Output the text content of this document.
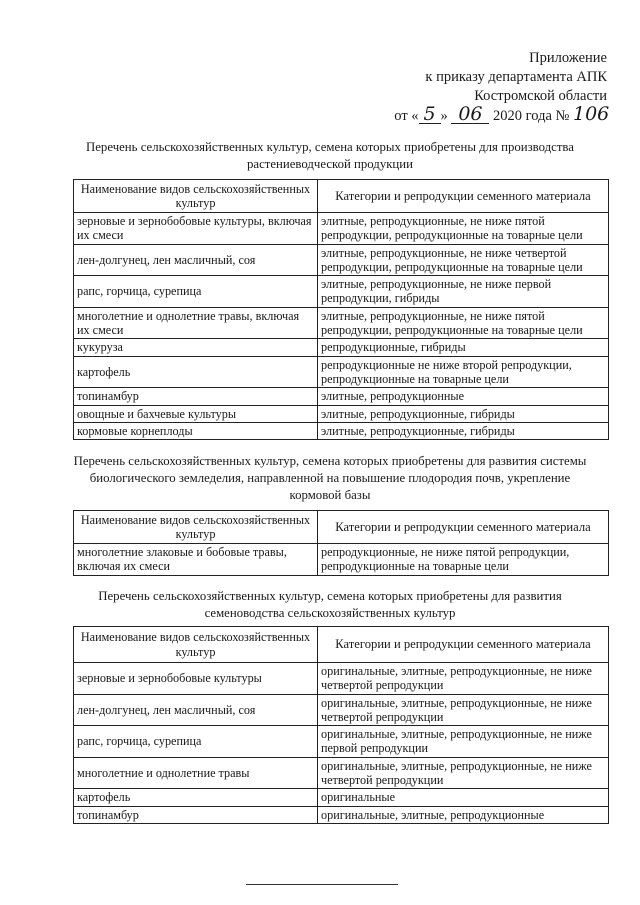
Приложение
к приказу департамента АПК
Костромской области
от « 5 » 06 2020 года № 106
Перечень сельскохозяйственных культур, семена которых приобретены для производства растениеводческой продукции
Наименование видов сельскохозяйственных культур	Категории и репродукции семенного материала
зерновые и зернобобовые культуры, включая их смеси	элитные, репродукционные, не ниже пятой репродукции, репродукционные на товарные цели
лен-долгунец, лен масличный, соя	элитные, репродукционные, не ниже четвертой репродукции, репродукционные на товарные цели
рапс, горчица, сурепица	элитные, репродукционные, не ниже первой репродукции, гибриды
многолетние и однолетние травы, включая их смеси	элитные, репродукционные, не ниже пятой репродукции, репродукционные на товарные цели
кукуруза	репродукционные, гибриды
картофель	репродукционные не ниже второй репродукции, репродукционные на товарные цели
топинамбур	элитные, репродукционные
овощные и бахчевые культуры	элитные, репродукционные, гибриды
кормовые корнеплоды	элитные, репродукционные, гибриды
Перечень сельскохозяйственных культур, семена которых приобретены для развития системы биологического земледелия, направленной на повышение плодородия почв, укрепление кормовой базы
Наименование видов сельскохозяйственных культур	Категории и репродукции семенного материала
многолетние злаковые и бобовые травы, включая их смеси	репродукционные, не ниже пятой репродукции, репродукционные на товарные цели
Перечень сельскохозяйственных культур, семена которых приобретены для развития семеноводства сельскохозяйственных культур
Наименование видов сельскохозяйственных культур	Категории и репродукции семенного материала
зерновые и зернобобовые культуры	оригинальные, элитные, репродукционные, не ниже четвертой репродукции
лен-долгунец, лен масличный, соя	оригинальные, элитные, репродукционные, не ниже четвертой репродукции
рапс, горчица, сурепица	оригинальные, элитные, репродукционные, не ниже первой репродукции
многолетние и однолетние травы	оригинальные, элитные, репродукционные, не ниже четвертой репродукции
картофель	оригинальные
топинамбур	оригинальные, элитные, репродукционные
